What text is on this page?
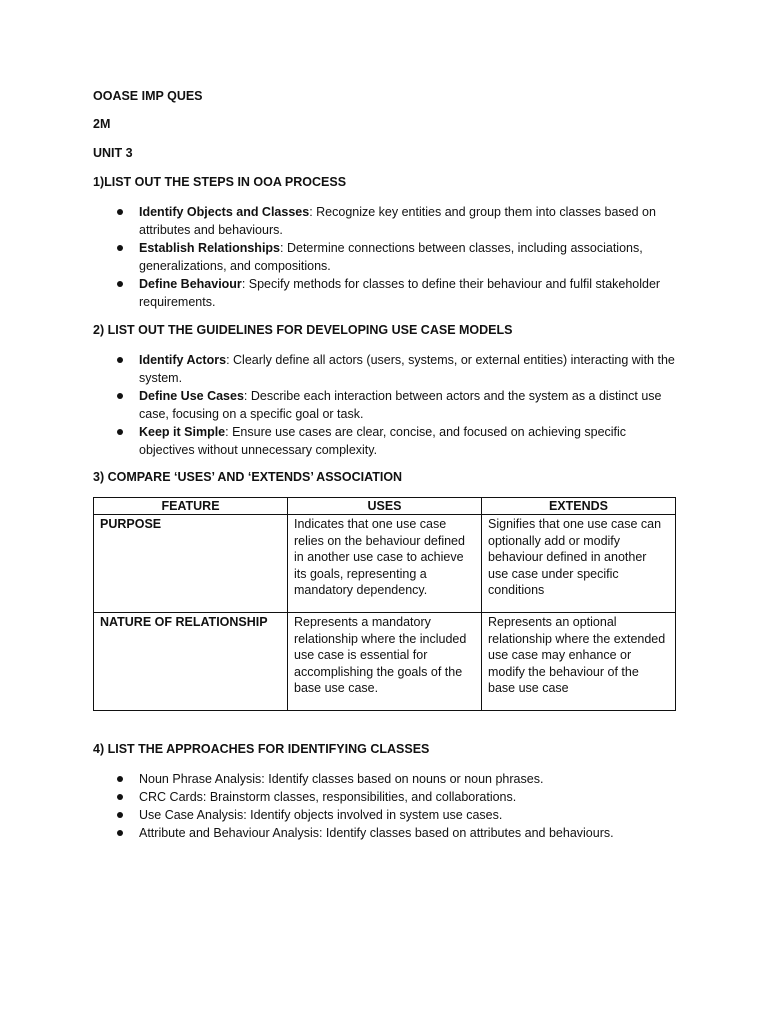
OOASE IMP QUES
2M
UNIT 3
1)LIST OUT THE STEPS IN OOA PROCESS
Identify Objects and Classes: Recognize key entities and group them into classes based on attributes and behaviours.
Establish Relationships: Determine connections between classes, including associations, generalizations, and compositions.
Define Behaviour: Specify methods for classes to define their behaviour and fulfil stakeholder requirements.
2) LIST OUT THE GUIDELINES FOR DEVELOPING USE CASE MODELS
Identify Actors: Clearly define all actors (users, systems, or external entities) interacting with the system.
Define Use Cases: Describe each interaction between actors and the system as a distinct use case, focusing on a specific goal or task.
Keep it Simple: Ensure use cases are clear, concise, and focused on achieving specific objectives without unnecessary complexity.
3) COMPARE ‘USES’ AND ‘EXTENDS’ ASSOCIATION
FEATURE	USES	EXTENDS
PURPOSE	Indicates that one use case relies on the behaviour defined in another use case to achieve its goals, representing a mandatory dependency.	Signifies that one use case can optionally add or modify behaviour defined in another use case under specific conditions
NATURE OF RELATIONSHIP	Represents a mandatory relationship where the included use case is essential for accomplishing the goals of the base use case.	Represents an optional relationship where the extended use case may enhance or modify the behaviour of the base use case
4) LIST THE APPROACHES FOR IDENTIFYING CLASSES
Noun Phrase Analysis: Identify classes based on nouns or noun phrases.
CRC Cards: Brainstorm classes, responsibilities, and collaborations.
Use Case Analysis: Identify objects involved in system use cases.
Attribute and Behaviour Analysis: Identify classes based on attributes and behaviours.
